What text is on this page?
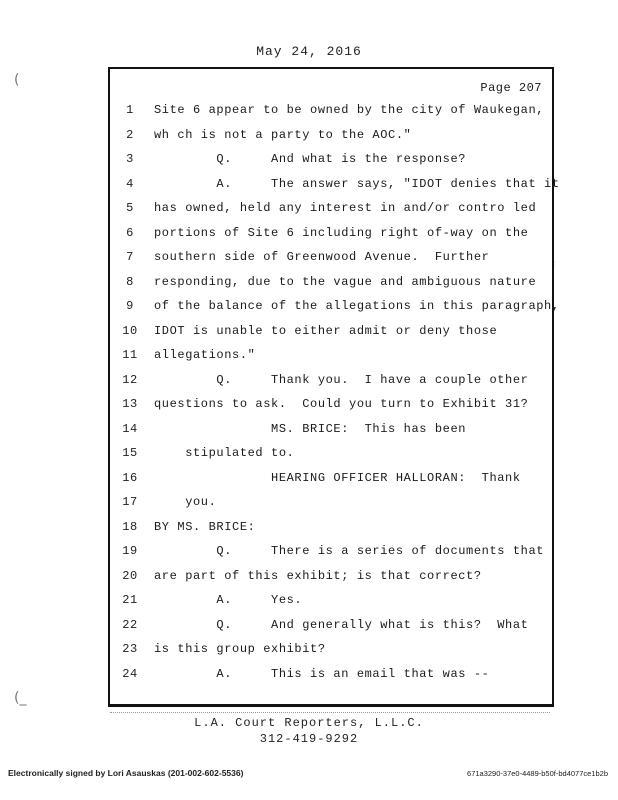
May 24, 2016
(
(_
:
Page 207
1	Site 6 appear to be owned by the city of Waukegan,
2	wh ch is not a party to the AOC."
3	Q.     And what is the response?
4	A.     The answer says, "IDOT denies that it
5	has owned, held any interest in and/or contro led
6	portions of Site 6 including right of-way on the
7	southern side of Greenwood Avenue.  Further
8	responding, due to the vague and ambiguous nature
9	of the balance of the allegations in this paragraph,
10	IDOT is unable to either admit or deny those
11	allegations."
12	Q.     Thank you.  I have a couple other
13	questions to ask.  Could you turn to Exhibit 31?
14	MS. BRICE:  This has been
15	stipulated to.
16	HEARING OFFICER HALLORAN:  Thank
17	you.
18	BY MS. BRICE:
19	Q.     There is a series of documents that
20	are part of this exhibit; is that correct?
21	A.     Yes.
22	Q.     And generally what is this?  What
23	is this group exhibit?
24	A.     This is an email that was --
L.A. Court Reporters, L.L.C.
312-419-9292
Electronically signed by Lori Asauskas (201-002-602-5536)	671a3290-37e0-4489-b50f-bd4077ce1b2b
